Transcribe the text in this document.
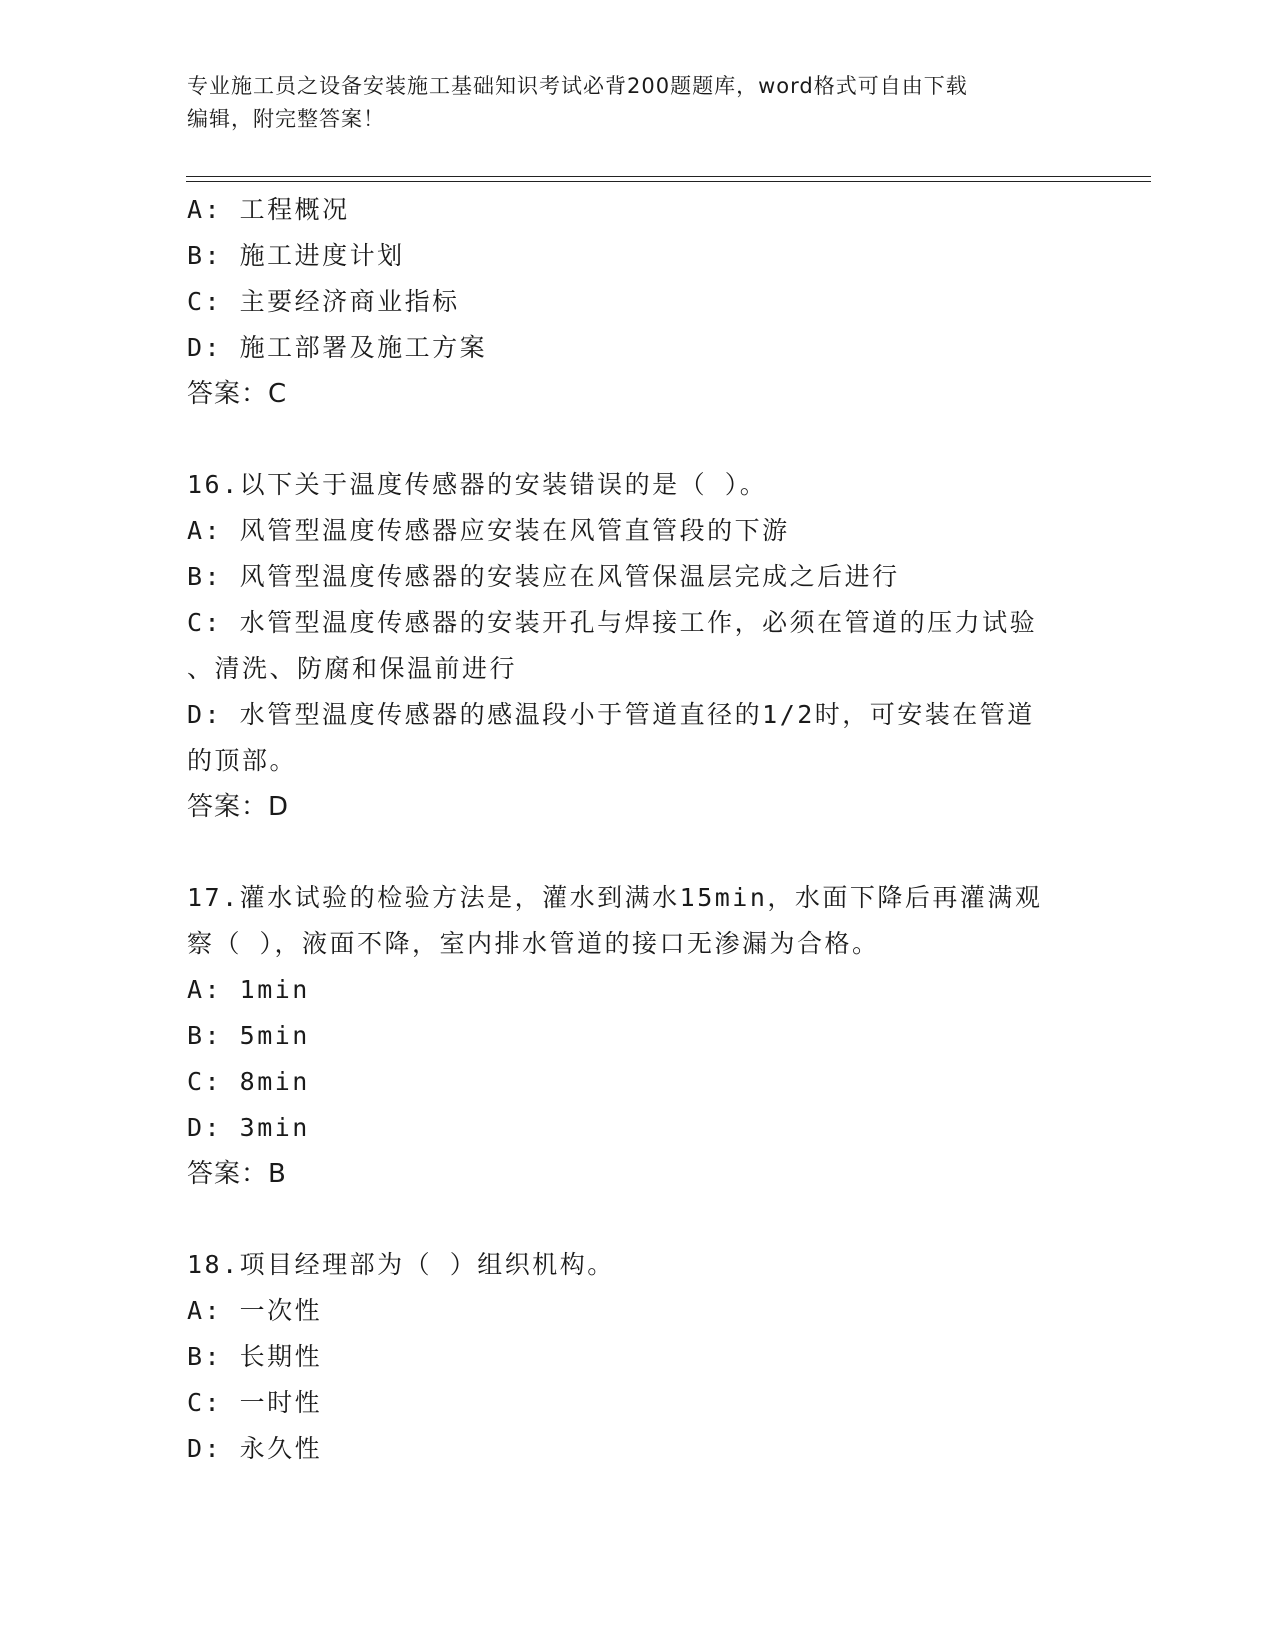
专业施工员之设备安装施工基础知识考试必背200题题库，word格式可自由下载
编辑，附完整答案！
A: 工程概况
B: 施工进度计划
C: 主要经济商业指标
D: 施工部署及施工方案
答案：C
16.以下关于温度传感器的安装错误的是（ ）。
A: 风管型温度传感器应安装在风管直管段的下游
B: 风管型温度传感器的安装应在风管保温层完成之后进行
C: 水管型温度传感器的安装开孔与焊接工作，必须在管道的压力试验
、清洗、防腐和保温前进行
D: 水管型温度传感器的感温段小于管道直径的1/2时，可安装在管道
的顶部。
答案：D
17.灌水试验的检验方法是，灌水到满水15min，水面下降后再灌满观
察（ ），液面不降，室内排水管道的接口无渗漏为合格。
A: 1min
B: 5min
C: 8min
D: 3min
答案：B
18.项目经理部为（ ）组织机构。
A: 一次性
B: 长期性
C: 一时性
D: 永久性
